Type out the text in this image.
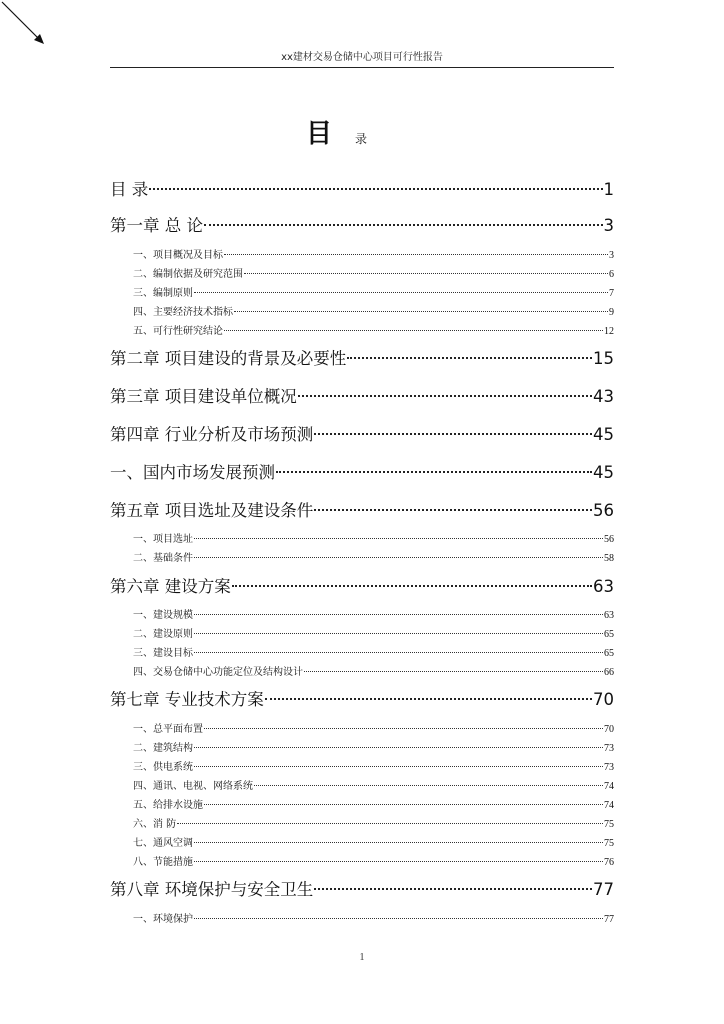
xx建材交易仓储中心项目可行性报告
目 录
目 录	1
第一章 总 论	3
一、项目概况及目标	3
二、编制依据及研究范围	6
三、编制原则	7
四、主要经济技术指标	9
五、可行性研究结论	12
第二章 项目建设的背景及必要性	15
第三章 项目建设单位概况	43
第四章 行业分析及市场预测	45
一、国内市场发展预测	45
第五章 项目选址及建设条件	56
一、项目选址	56
二、基础条件	58
第六章 建设方案	63
一、建设规模	63
二、建设原则	65
三、建设目标	65
四、交易仓储中心功能定位及结构设计	66
第七章 专业技术方案	70
一、总平面布置	70
二、建筑结构	73
三、供电系统	73
四、通讯、电视、网络系统	74
五、给排水设施	74
六、消 防	75
七、通风空调	75
八、节能措施	76
第八章 环境保护与安全卫生	77
一、环境保护	77
1
